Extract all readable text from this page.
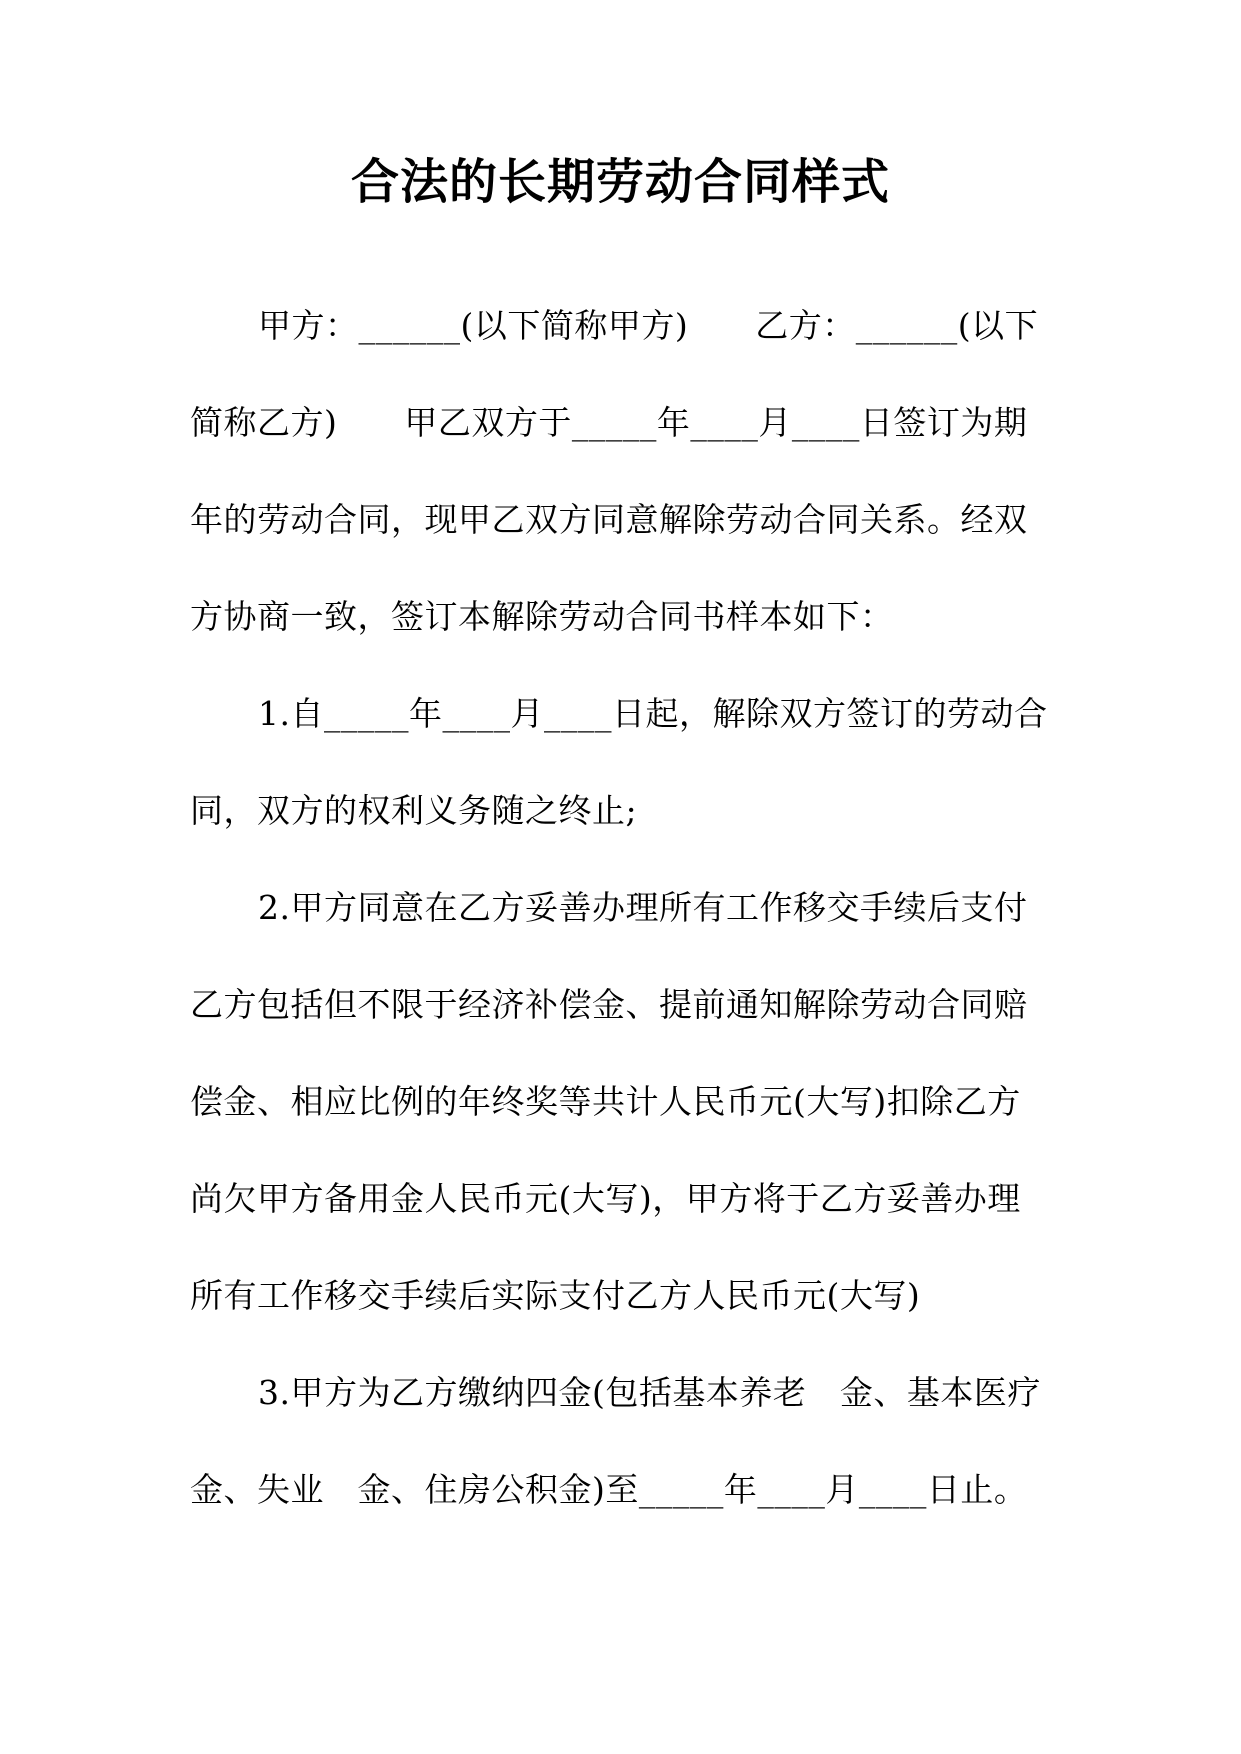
合法的长期劳动合同样式

甲方：______(以下简称甲方)　　乙方：______(以下

简称乙方)　　甲乙双方于_____年____月____日签订为期

年的劳动合同，现甲乙双方同意解除劳动合同关系。经双

方协商一致，签订本解除劳动合同书样本如下：

1.自_____年____月____日起，解除双方签订的劳动合

同，双方的权利义务随之终止;

2.甲方同意在乙方妥善办理所有工作移交手续后支付

乙方包括但不限于经济补偿金、提前通知解除劳动合同赔

偿金、相应比例的年终奖等共计人民币元(大写)扣除乙方

尚欠甲方备用金人民币元(大写)，甲方将于乙方妥善办理

所有工作移交手续后实际支付乙方人民币元(大写)

3.甲方为乙方缴纳四金(包括基本养老　金、基本医疗

金、失业　金、住房公积金)至_____年____月____日止。
